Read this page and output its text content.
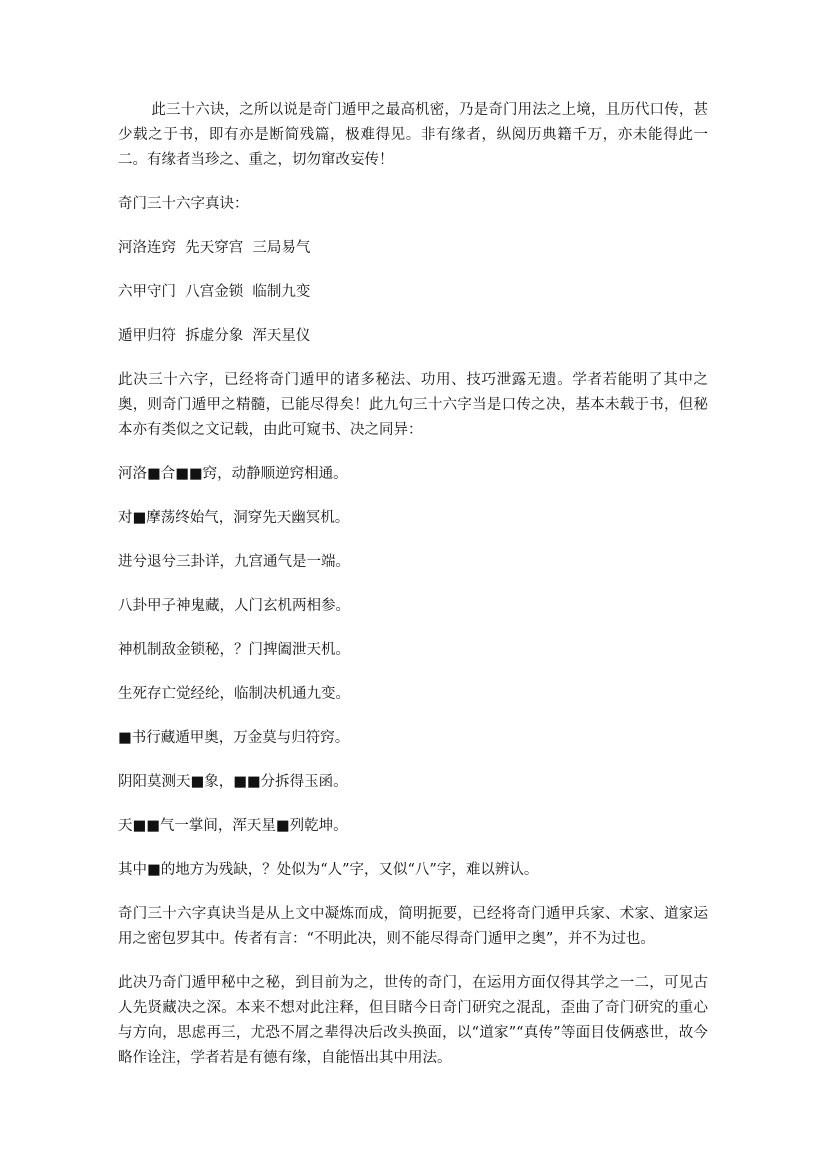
此三十六诀，之所以说是奇门遁甲之最高机密，乃是奇门用法之上境，且历代口传，甚少载之于书，即有亦是断简残篇，极难得见。非有缘者，纵阅历典籍千万，亦未能得此一二。有缘者当珍之、重之，切勿窜改妄传！

奇门三十六字真诀：

河洛连窍  先天穿宫  三局易气

六甲守门  八宫金锁  临制九变

遁甲归符  拆虚分象  浑天星仪

此决三十六字，已经将奇门遁甲的诸多秘法、功用、技巧泄露无遗。学者若能明了其中之奥，则奇门遁甲之精髓，已能尽得矣！此九句三十六字当是口传之决，基本未载于书，但秘本亦有类似之文记载，由此可窥书、决之同异：

河洛■合■■窍，动静顺逆窍相通。

对■摩荡终始气，洞穿先天幽冥机。

进兮退兮三卦详，九宫通气是一端。

八卦甲子神鬼藏，人门玄机两相参。

神机制敌金锁秘，？门捭阖泄天机。

生死存亡觉经纶，临制决机通九变。

■书行藏遁甲奥，万金莫与归符窍。

阴阳莫测天■象，■■分拆得玉函。

天■■气一掌间，浑天星■列乾坤。

其中■的地方为残缺，？处似为“人”字，又似“八”字，难以辨认。

奇门三十六字真诀当是从上文中凝炼而成，简明扼要，已经将奇门遁甲兵家、术家、道家运用之密包罗其中。传者有言：“不明此决，则不能尽得奇门遁甲之奥”，并不为过也。

此决乃奇门遁甲秘中之秘，到目前为之，世传的奇门，在运用方面仅得其学之一二，可见古人先贤藏决之深。本来不想对此注释，但目睹今日奇门研究之混乱，歪曲了奇门研究的重心与方向，思虑再三，尤恐不屑之辈得决后改头换面，以“道家”“真传”等面目伎俩惑世，故今略作诠注，学者若是有德有缘，自能悟出其中用法。
